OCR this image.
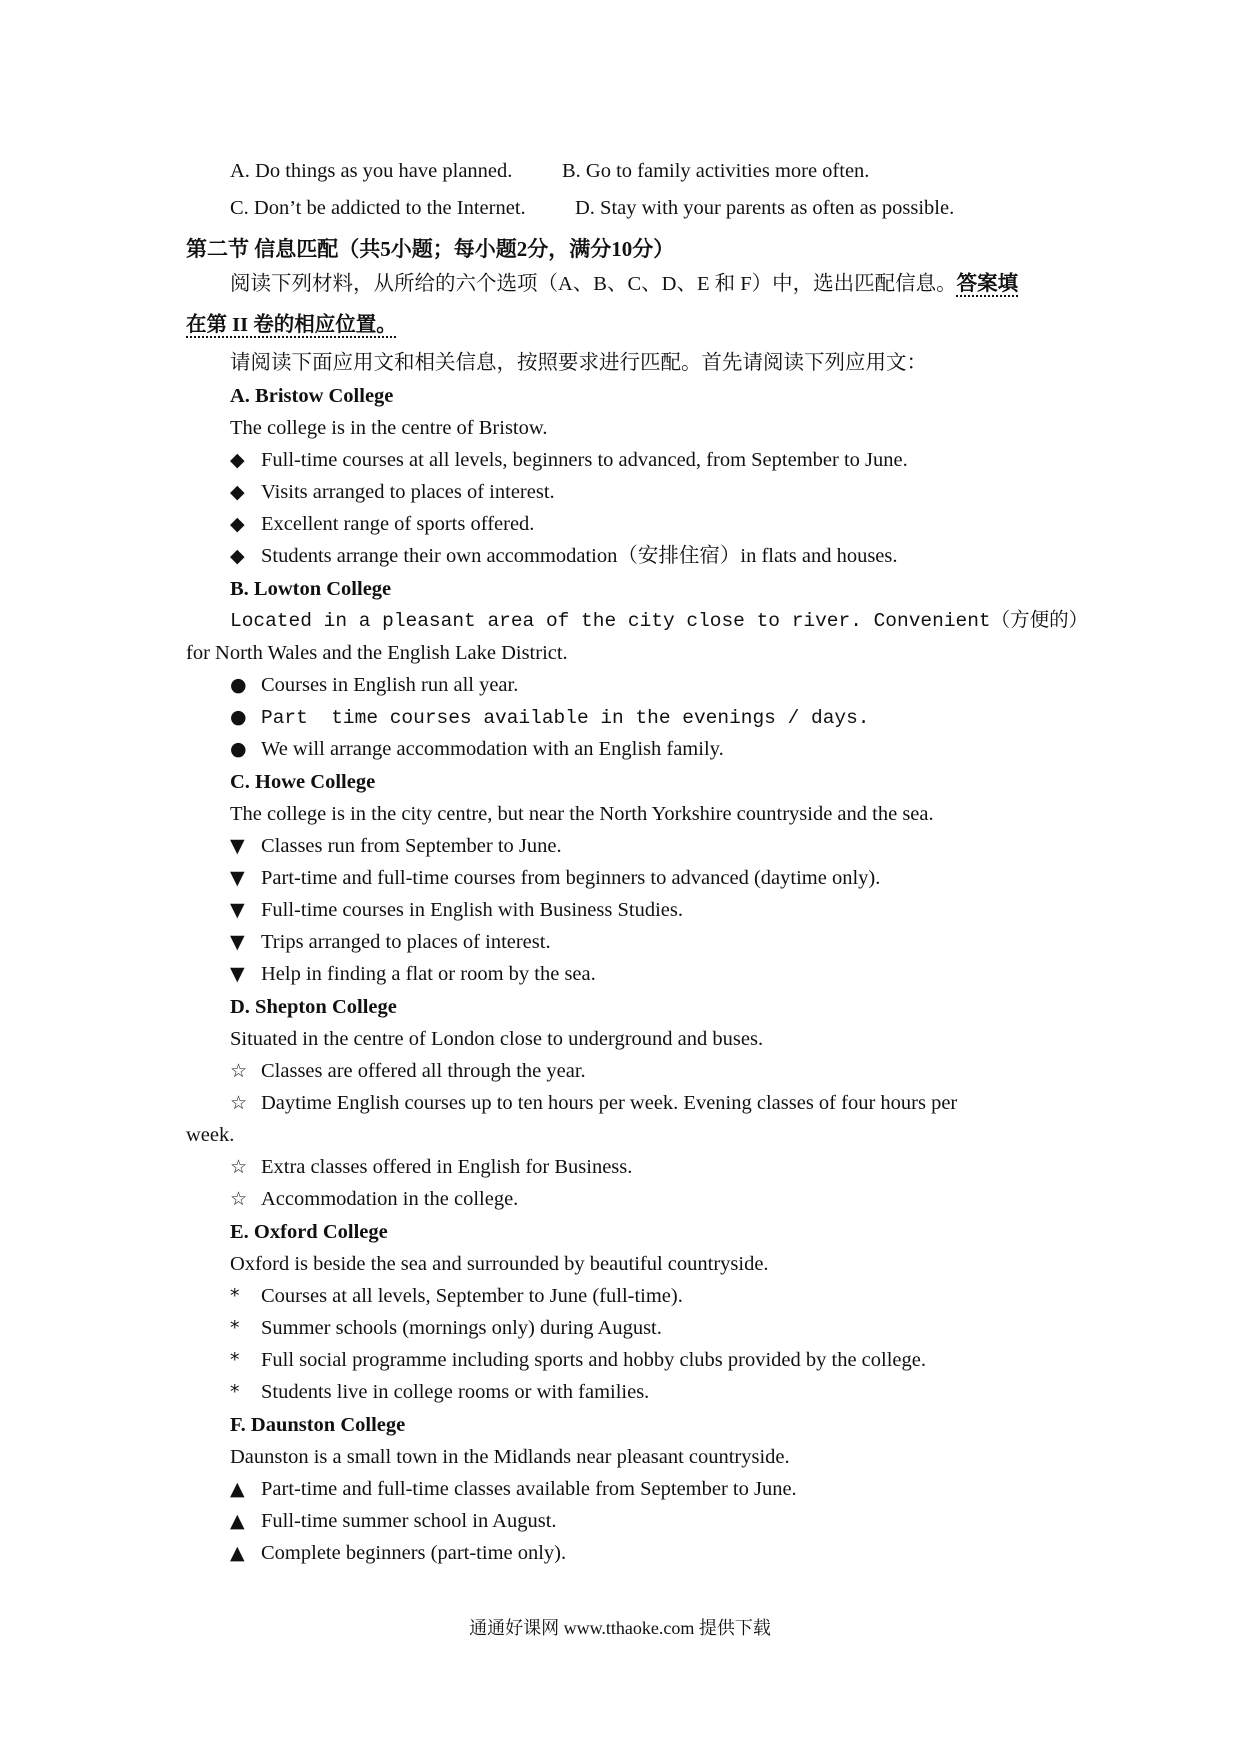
A. Do things as you have planned. B. Go to family activities more often.
C. Don’t be addicted to the Internet. D. Stay with your parents as often as possible.
第二节 信息匹配（共5小题；每小题2分，满分10分）
阅读下列材料，从所给的六个选项（A、B、C、D、E 和 F）中，选出匹配信息。答案填
在第 II 卷的相应位置。
请阅读下面应用文和相关信息，按照要求进行匹配。首先请阅读下列应用文：
A. Bristow College
The college is in the centre of Bristow.
◆ Full-time courses at all levels, beginners to advanced, from September to June.
◆ Visits arranged to places of interest.
◆ Excellent range of sports offered.
◆ Students arrange their own accommodation（安排住宿）in flats and houses.
B. Lowton College
Located in a pleasant area of the city close to river. Convenient（方便的）
for North Wales and the English Lake District.
● Courses in English run all year.
● Part  time courses available in the evenings / days.
● We will arrange accommodation with an English family.
C. Howe College
The college is in the city centre, but near the North Yorkshire countryside and the sea.
▼ Classes run from September to June.
▼ Part-time and full-time courses from beginners to advanced (daytime only).
▼ Full-time courses in English with Business Studies.
▼ Trips arranged to places of interest.
▼ Help in finding a flat or room by the sea.
D. Shepton College
Situated in the centre of London close to underground and buses.
☆ Classes are offered all through the year.
☆ Daytime English courses up to ten hours per week. Evening classes of four hours per
week.
☆ Extra classes offered in English for Business.
☆ Accommodation in the college.
E. Oxford College
Oxford is beside the sea and surrounded by beautiful countryside.
* Courses at all levels, September to June (full-time).
* Summer schools (mornings only) during August.
* Full social programme including sports and hobby clubs provided by the college.
* Students live in college rooms or with families.
F. Daunston College
Daunston is a small town in the Midlands near pleasant countryside.
▲ Part-time and full-time classes available from September to June.
▲ Full-time summer school in August.
▲ Complete beginners (part-time only).
通通好课网 www.tthaoke.com 提供下载
